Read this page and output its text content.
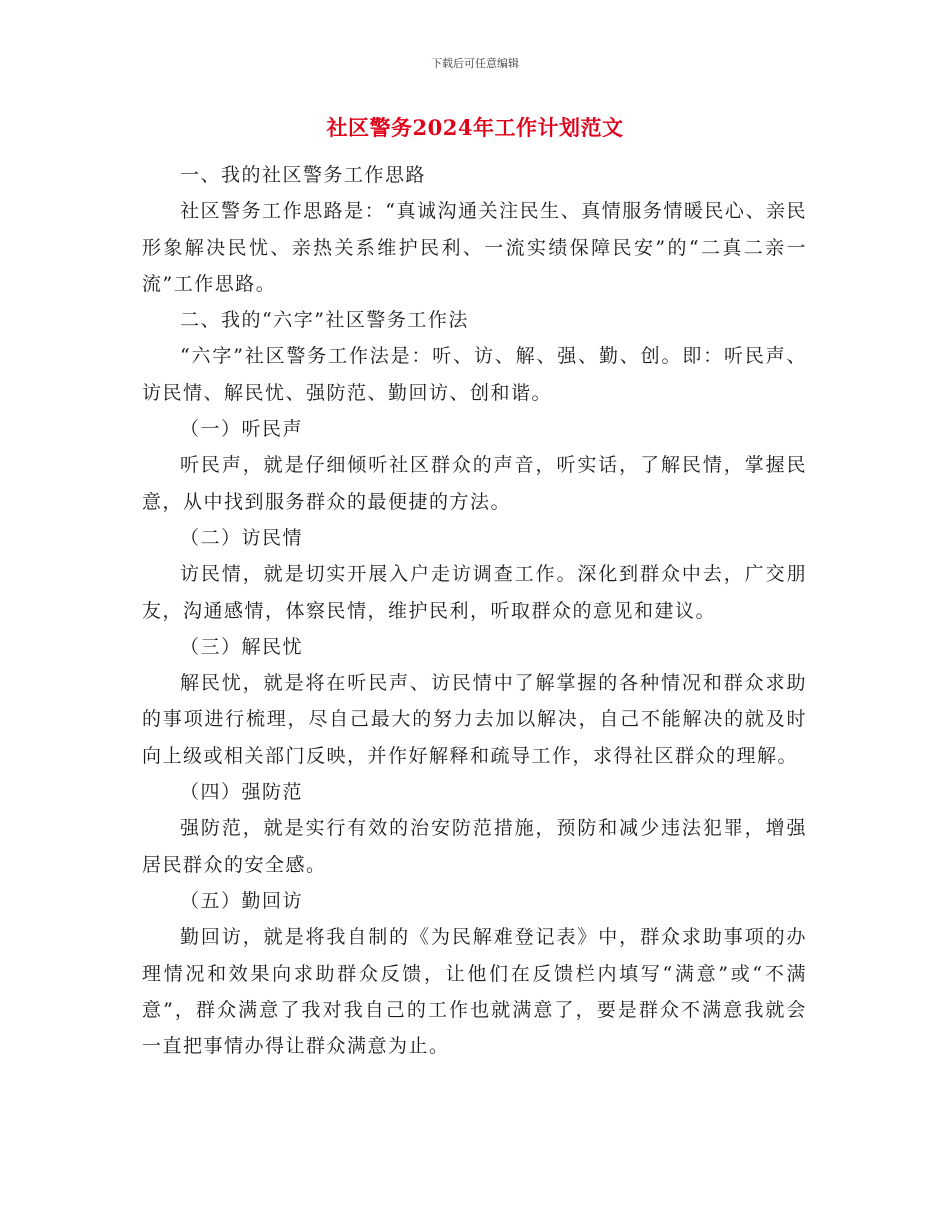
下载后可任意编辑
社区警务2024年工作计划范文

一、我的社区警务工作思路

社区警务工作思路是：“真诚沟通关注民生、真情服务情暖民心、亲民形象解决民忧、亲热关系维护民利、一流实绩保障民安”的“二真二亲一流”工作思路。

二、我的“六字”社区警务工作法

“六字”社区警务工作法是：听、访、解、强、勤、创。即：听民声、访民情、解民忧、强防范、勤回访、创和谐。

（一）听民声

听民声，就是仔细倾听社区群众的声音，听实话，了解民情，掌握民意，从中找到服务群众的最便捷的方法。

（二）访民情

访民情，就是切实开展入户走访调查工作。深化到群众中去，广交朋友，沟通感情，体察民情，维护民利，听取群众的意见和建议。

（三）解民忧

解民忧，就是将在听民声、访民情中了解掌握的各种情况和群众求助的事项进行梳理，尽自己最大的努力去加以解决，自己不能解决的就及时向上级或相关部门反映，并作好解释和疏导工作，求得社区群众的理解。

（四）强防范

强防范，就是实行有效的治安防范措施，预防和减少违法犯罪，增强居民群众的安全感。

（五）勤回访

勤回访，就是将我自制的《为民解难登记表》中，群众求助事项的办理情况和效果向求助群众反馈，让他们在反馈栏内填写“满意”或“不满意”，群众满意了我对我自己的工作也就满意了，要是群众不满意我就会一直把事情办得让群众满意为止。
